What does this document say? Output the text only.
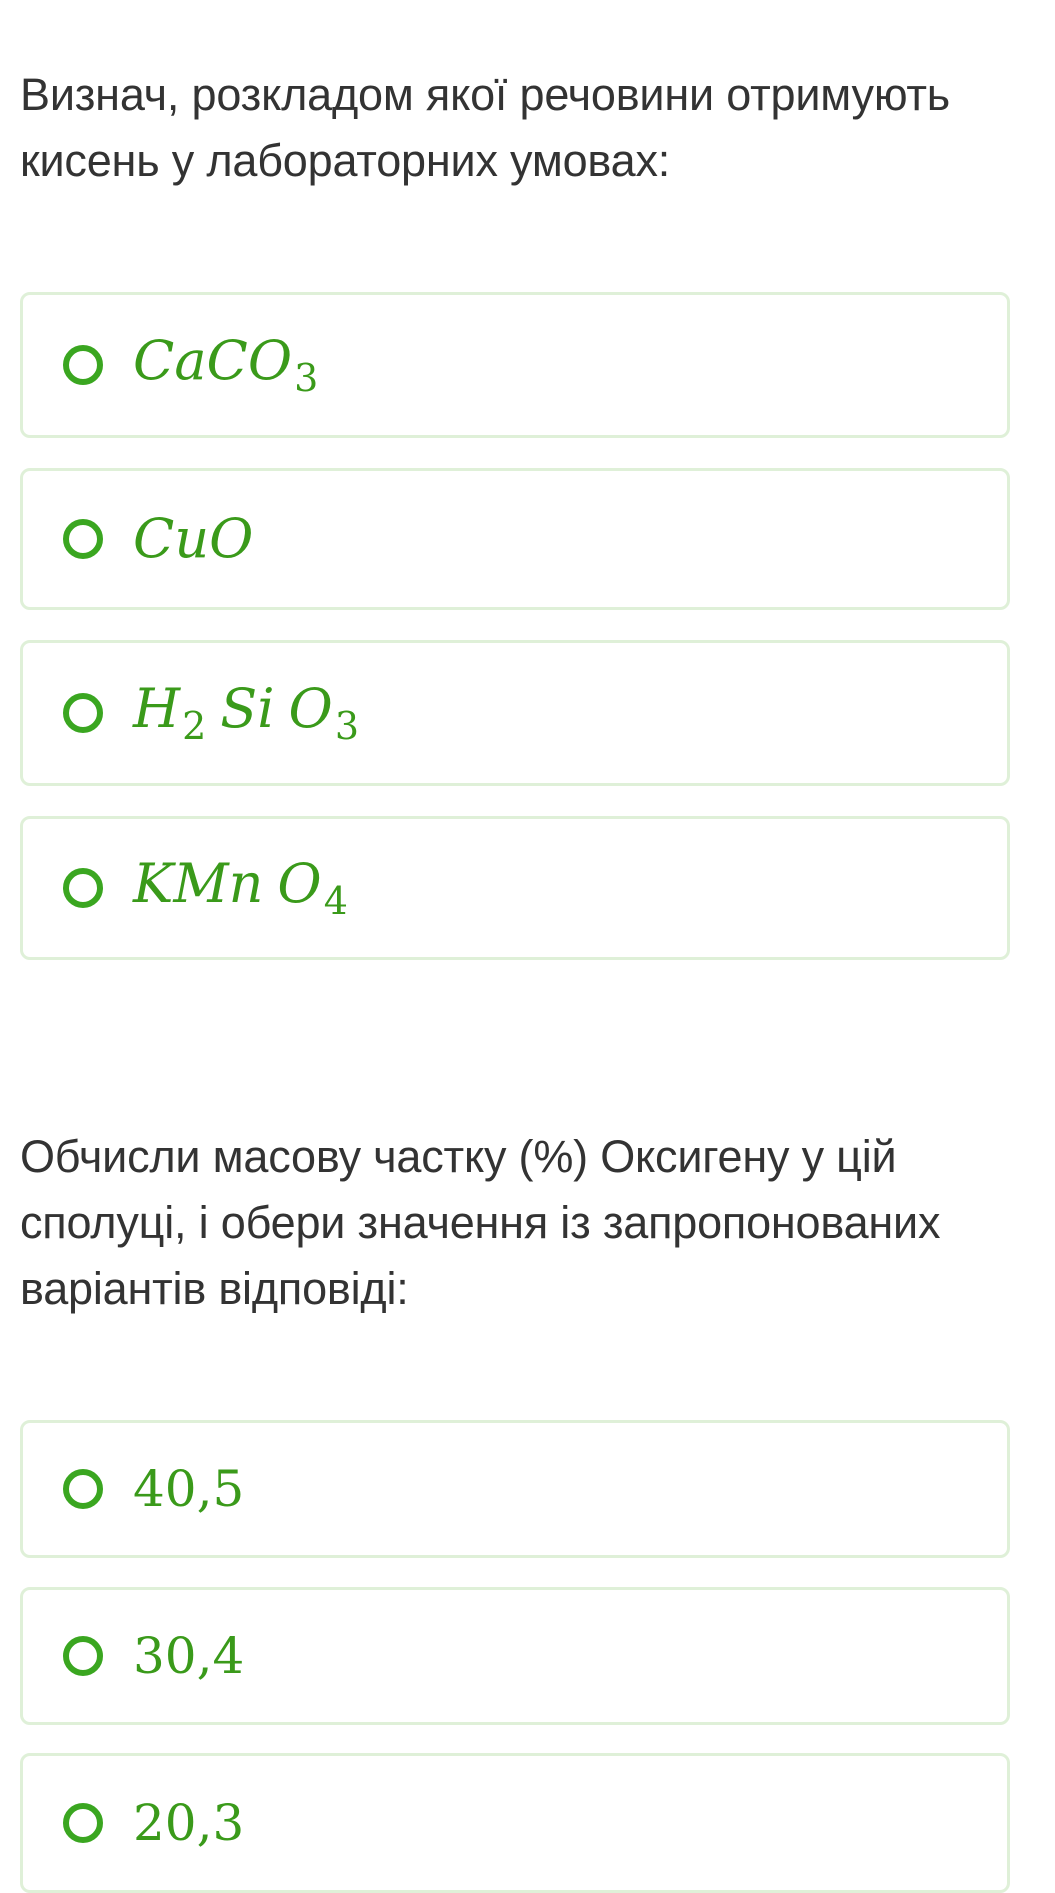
Визнач, розкладом якої речовини отримують кисень у лабораторних умовах:
CaCO$_3$
CuO
$H_2$ Si $O_3$
KMn $O_4$
Обчисли масову частку (%) Оксигену у цій сполуці, і обери значення із запропонованих варіантів відповіді:
40,5
30,4
20,3
